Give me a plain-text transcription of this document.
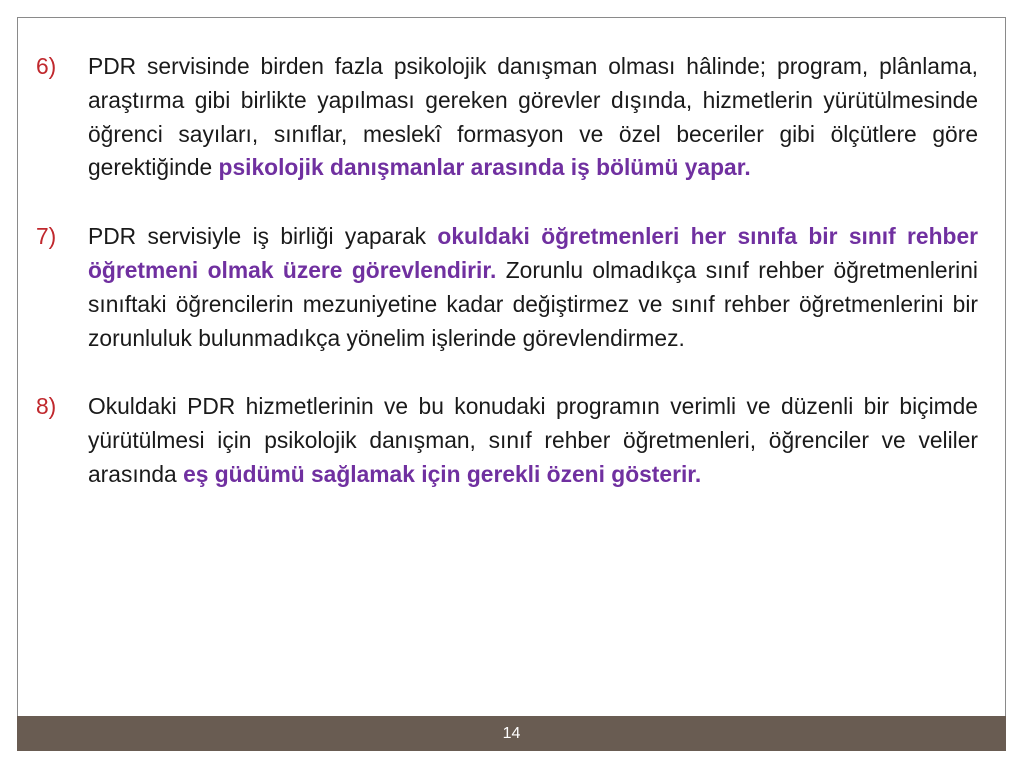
6)	PDR servisinde birden fazla psikolojik danışman olması hâlinde; program, plânlama, araştırma gibi birlikte yapılması gereken görevler dışında, hizmetlerin yürütülmesinde öğrenci sayıları, sınıflar, meslekî formasyon ve özel beceriler gibi ölçütlere göre gerektiğinde psikolojik danışmanlar arasında iş bölümü yapar.
7)	PDR servisiyle iş birliği yaparak okuldaki öğretmenleri her sınıfa bir sınıf rehber öğretmeni olmak üzere görevlendirir. Zorunlu olmadıkça sınıf rehber öğretmenlerini sınıftaki öğrencilerin mezuniyetine kadar değiştirmez ve sınıf rehber öğretmenlerini bir zorunluluk bulunmadıkça yönelim işlerinde görevlendirmez.
8)	Okuldaki PDR hizmetlerinin ve bu konudaki programın verimli ve düzenli bir biçimde yürütülmesi için psikolojik danışman, sınıf rehber öğretmenleri, öğrenciler ve veliler arasında eş güdümü sağlamak için gerekli özeni gösterir.
14
